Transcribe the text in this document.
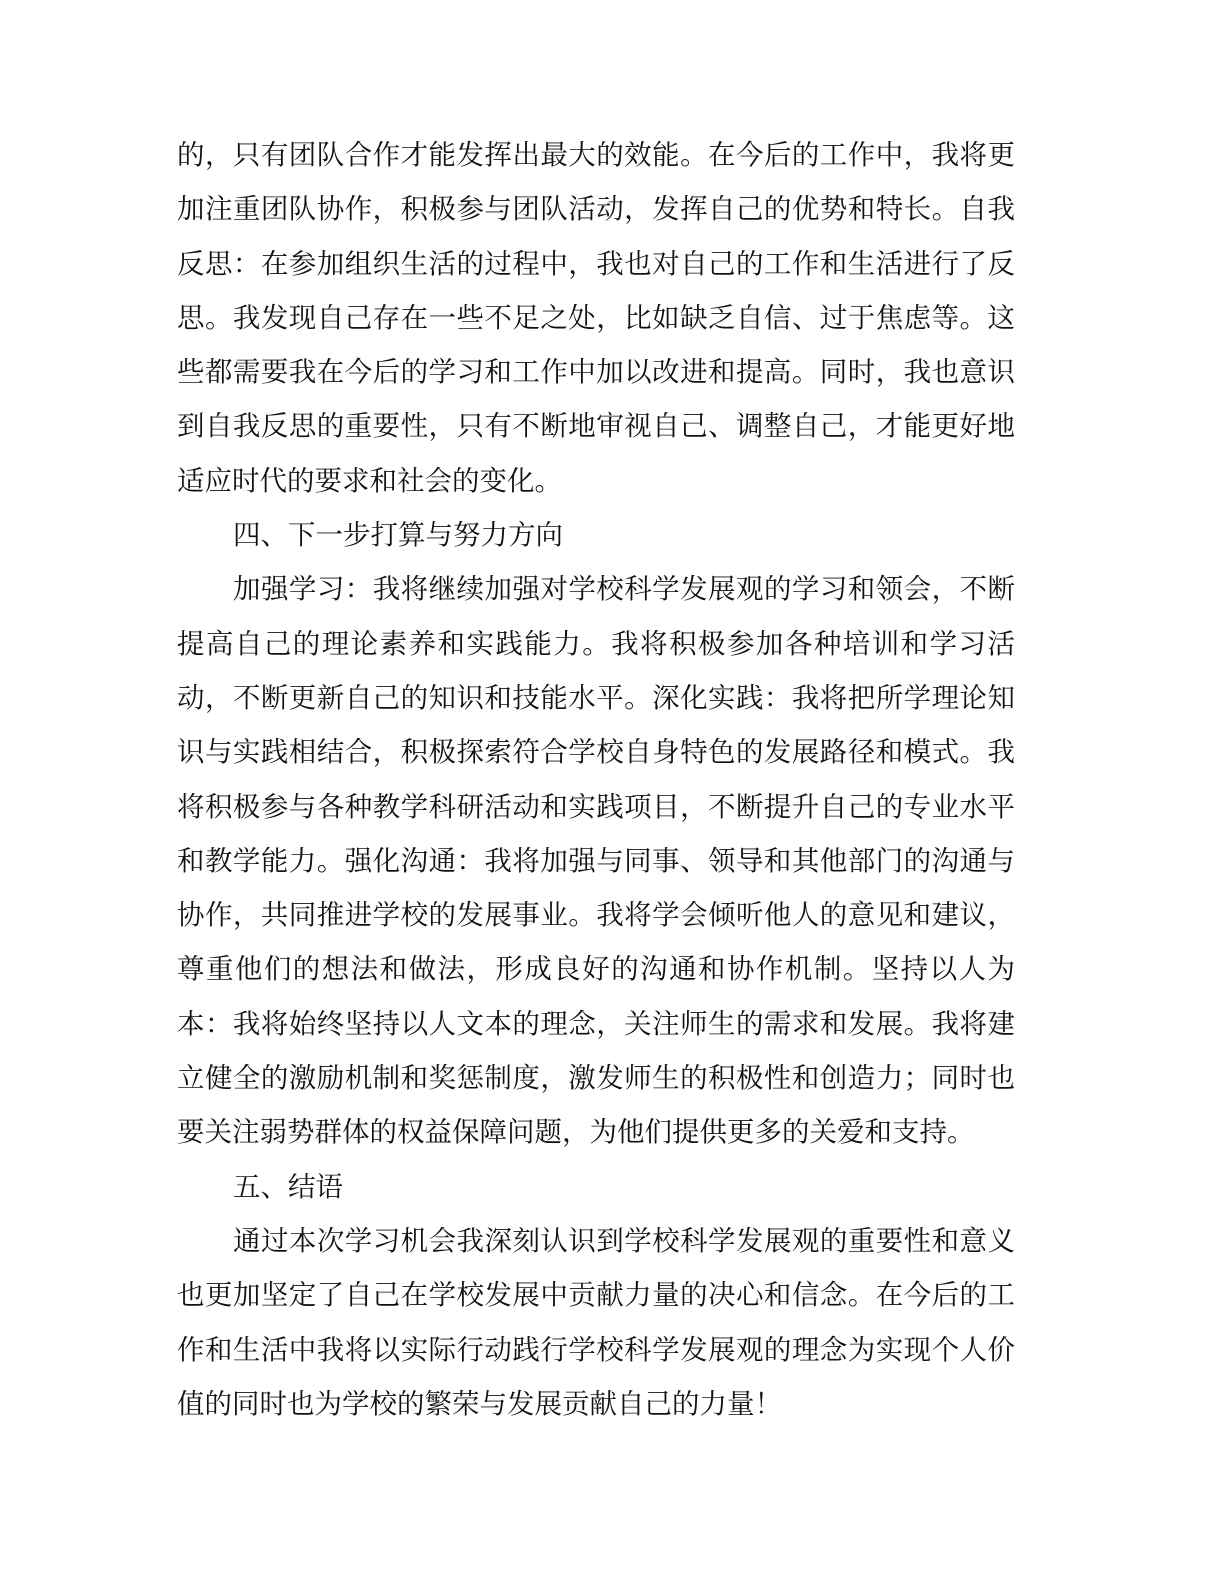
的，只有团队合作才能发挥出最大的效能。在今后的工作中，我将更加注重团队协作，积极参与团队活动，发挥自己的优势和特长。自我反思：在参加组织生活的过程中，我也对自己的工作和生活进行了反思。我发现自己存在一些不足之处，比如缺乏自信、过于焦虑等。这些都需要我在今后的学习和工作中加以改进和提高。同时，我也意识到自我反思的重要性，只有不断地审视自己、调整自己，才能更好地适应时代的要求和社会的变化。

四、下一步打算与努力方向

加强学习：我将继续加强对学校科学发展观的学习和领会，不断提高自己的理论素养和实践能力。我将积极参加各种培训和学习活动，不断更新自己的知识和技能水平。深化实践：我将把所学理论知识与实践相结合，积极探索符合学校自身特色的发展路径和模式。我将积极参与各种教学科研活动和实践项目，不断提升自己的专业水平和教学能力。强化沟通：我将加强与同事、领导和其他部门的沟通与协作，共同推进学校的发展事业。我将学会倾听他人的意见和建议，尊重他们的想法和做法，形成良好的沟通和协作机制。坚持以人为本：我将始终坚持以人文本的理念，关注师生的需求和发展。我将建立健全的激励机制和奖惩制度，激发师生的积极性和创造力；同时也要关注弱势群体的权益保障问题，为他们提供更多的关爱和支持。

五、结语

通过本次学习机会我深刻认识到学校科学发展观的重要性和意义也更加坚定了自己在学校发展中贡献力量的决心和信念。在今后的工作和生活中我将以实际行动践行学校科学发展观的理念为实现个人价值的同时也为学校的繁荣与发展贡献自己的力量！
